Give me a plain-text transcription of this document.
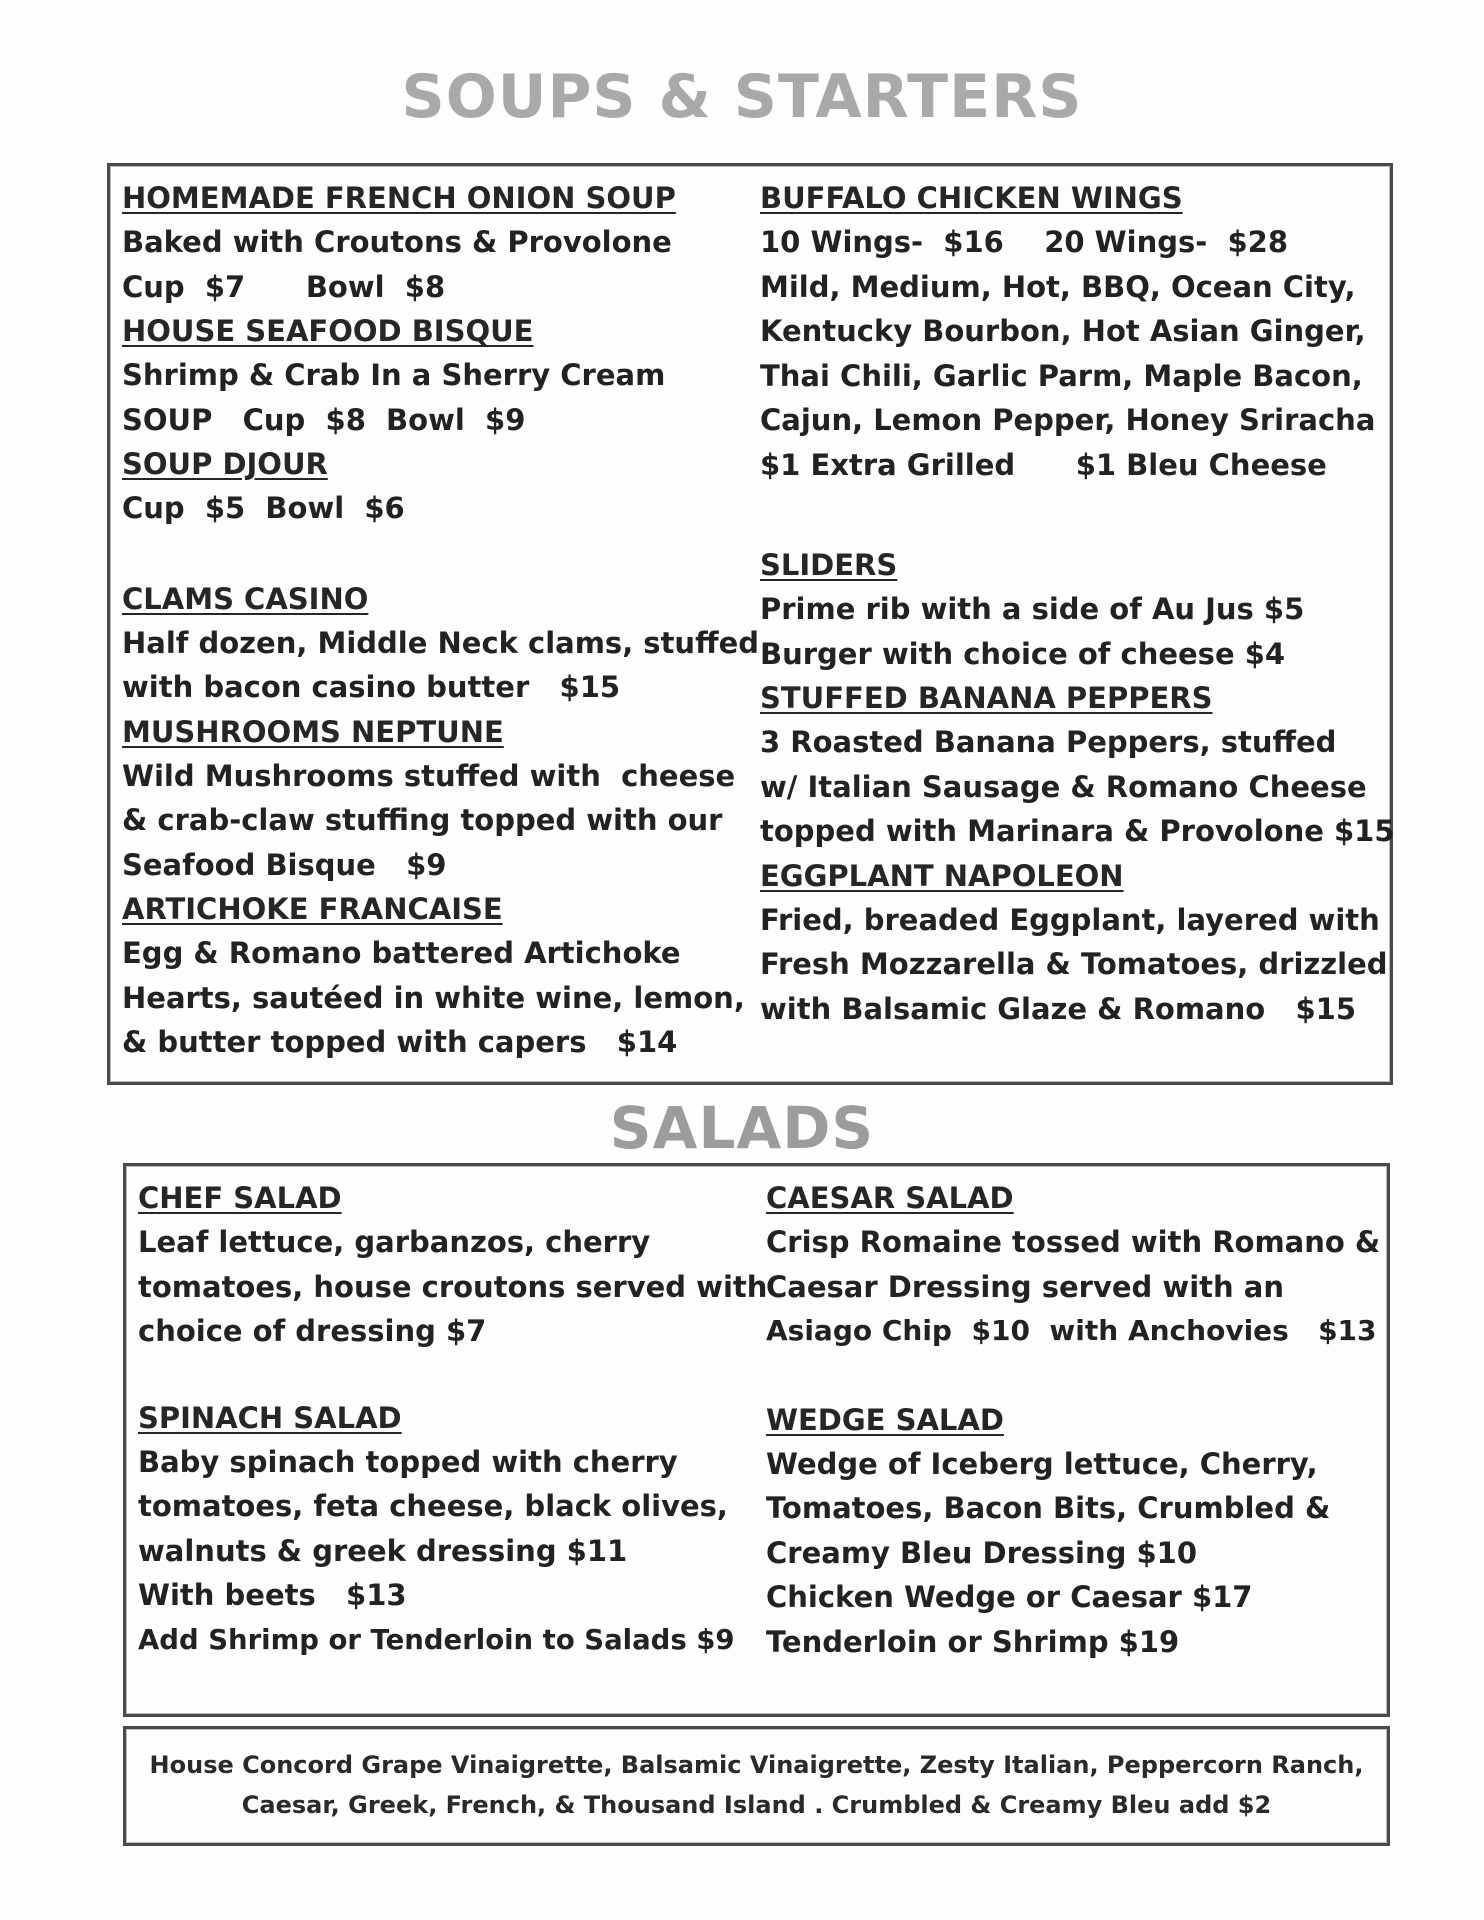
SOUPS & STARTERS
HOMEMADE FRENCH ONION SOUP
Baked with Croutons & Provolone
Cup  $7      Bowl  $8
HOUSE SEAFOOD BISQUE
Shrimp & Crab In a Sherry Cream
SOUP   Cup  $8  Bowl  $9
SOUP DJOUR
Cup  $5  Bowl  $6
CLAMS CASINO
Half dozen, Middle Neck clams, stuffed
with bacon casino butter   $15
MUSHROOMS NEPTUNE
Wild Mushrooms stuffed with  cheese
& crab-claw stuffing topped with our
Seafood Bisque   $9
ARTICHOKE FRANCAISE
Egg & Romano battered Artichoke
Hearts, sautéed in white wine, lemon,
& butter topped with capers   $14
BUFFALO CHICKEN WINGS
10 Wings-  $16    20 Wings-  $28
Mild, Medium, Hot, BBQ, Ocean City,
Kentucky Bourbon, Hot Asian Ginger,
Thai Chili, Garlic Parm, Maple Bacon,
Cajun, Lemon Pepper, Honey Sriracha
$1 Extra Grilled      $1 Bleu Cheese
SLIDERS
Prime rib with a side of Au Jus $5
Burger with choice of cheese $4
STUFFED BANANA PEPPERS
3 Roasted Banana Peppers, stuffed
w/ Italian Sausage & Romano Cheese
topped with Marinara & Provolone $15
EGGPLANT NAPOLEON
Fried, breaded Eggplant, layered with
Fresh Mozzarella & Tomatoes, drizzled
with Balsamic Glaze & Romano   $15
SALADS
CHEF SALAD
Leaf lettuce, garbanzos, cherry
tomatoes, house croutons served with
choice of dressing $7
SPINACH SALAD
Baby spinach topped with cherry
tomatoes, feta cheese, black olives,
walnuts & greek dressing $11
With beets   $13
Add Shrimp or Tenderloin to Salads $9
CAESAR SALAD
Crisp Romaine tossed with Romano &
Caesar Dressing served with an
Asiago Chip  $10  with Anchovies   $13
WEDGE SALAD
Wedge of Iceberg lettuce, Cherry,
Tomatoes, Bacon Bits, Crumbled &
Creamy Bleu Dressing $10
Chicken Wedge or Caesar $17
Tenderloin or Shrimp $19
House Concord Grape Vinaigrette, Balsamic Vinaigrette, Zesty Italian, Peppercorn Ranch,
Caesar, Greek, French, & Thousand Island . Crumbled & Creamy Bleu add $2
